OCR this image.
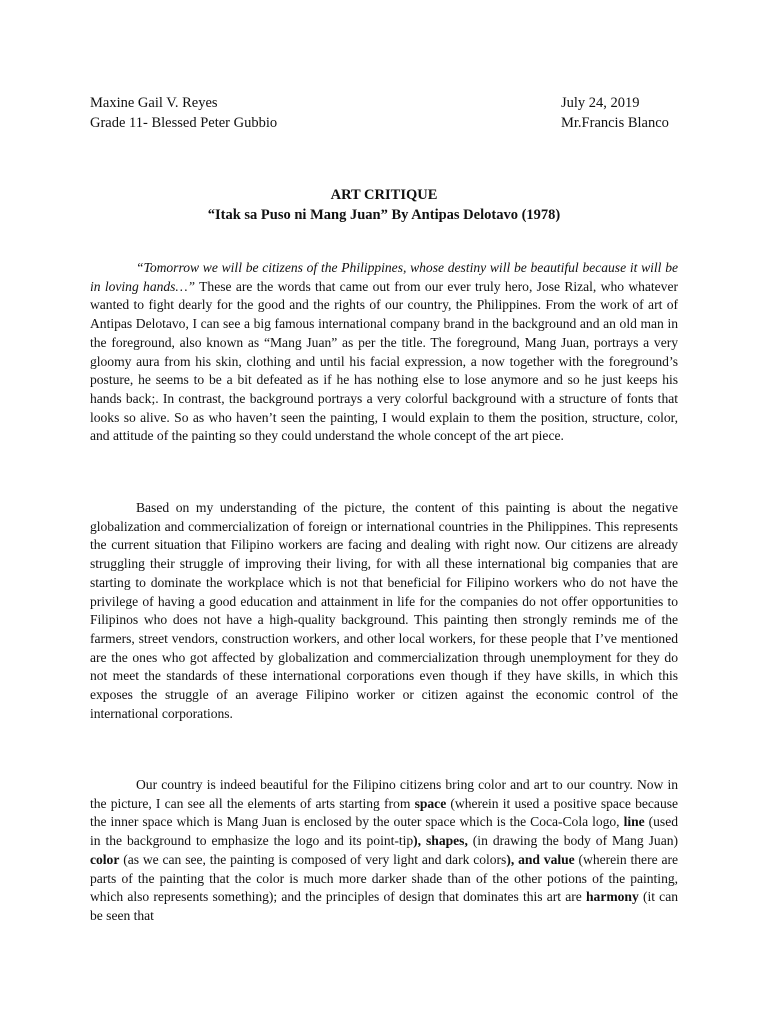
Maxine Gail V. Reyes
Grade 11- Blessed Peter Gubbio
July 24, 2019
Mr.Francis Blanco
ART CRITIQUE
“Itak sa Puso ni Mang Juan” By Antipas Delotavo (1978)

“Tomorrow we will be citizens of the Philippines, whose destiny will be beautiful because it will be in loving hands…” These are the words that came out from our ever truly hero, Jose Rizal, who whatever wanted to fight dearly for the good and the rights of our country, the Philippines. From the work of art of Antipas Delotavo, I can see a big famous international company brand in the background and an old man in the foreground, also known as “Mang Juan” as per the title. The foreground, Mang Juan, portrays a very gloomy aura from his skin, clothing and until his facial expression, a now together with the foreground’s posture, he seems to be a bit defeated as if he has nothing else to lose anymore and so he just keeps his hands back;. In contrast, the background portrays a very colorful background with a structure of fonts that looks so alive. So as who haven’t seen the painting, I would explain to them the position, structure, color, and attitude of the painting so they could understand the whole concept of the art piece.

Based on my understanding of the picture, the content of this painting is about the negative globalization and commercialization of foreign or international countries in the Philippines. This represents the current situation that Filipino workers are facing and dealing with right now. Our citizens are already struggling their struggle of improving their living, for with all these international big companies that are starting to dominate the workplace which is not that beneficial for Filipino workers who do not have the privilege of having a good education and attainment in life for the companies do not offer opportunities to Filipinos who does not have a high-quality background. This painting then strongly reminds me of the farmers, street vendors, construction workers, and other local workers, for these people that I’ve mentioned are the ones who got affected by globalization and commercialization through unemployment for they do not meet the standards of these international corporations even though if they have skills, in which this exposes the struggle of an average Filipino worker or citizen against the economic control of the international corporations.

Our country is indeed beautiful for the Filipino citizens bring color and art to our country. Now in the picture, I can see all the elements of arts starting from space (wherein it used a positive space because the inner space which is Mang Juan is enclosed by the outer space which is the Coca-Cola logo, line (used in the background to emphasize the logo and its point-tip), shapes, (in drawing the body of Mang Juan) color (as we can see, the painting is composed of very light and dark colors), and value (wherein there are parts of the painting that the color is much more darker shade than of the other potions of the painting, which also represents something); and the principles of design that dominates this art are harmony (it can be seen that
